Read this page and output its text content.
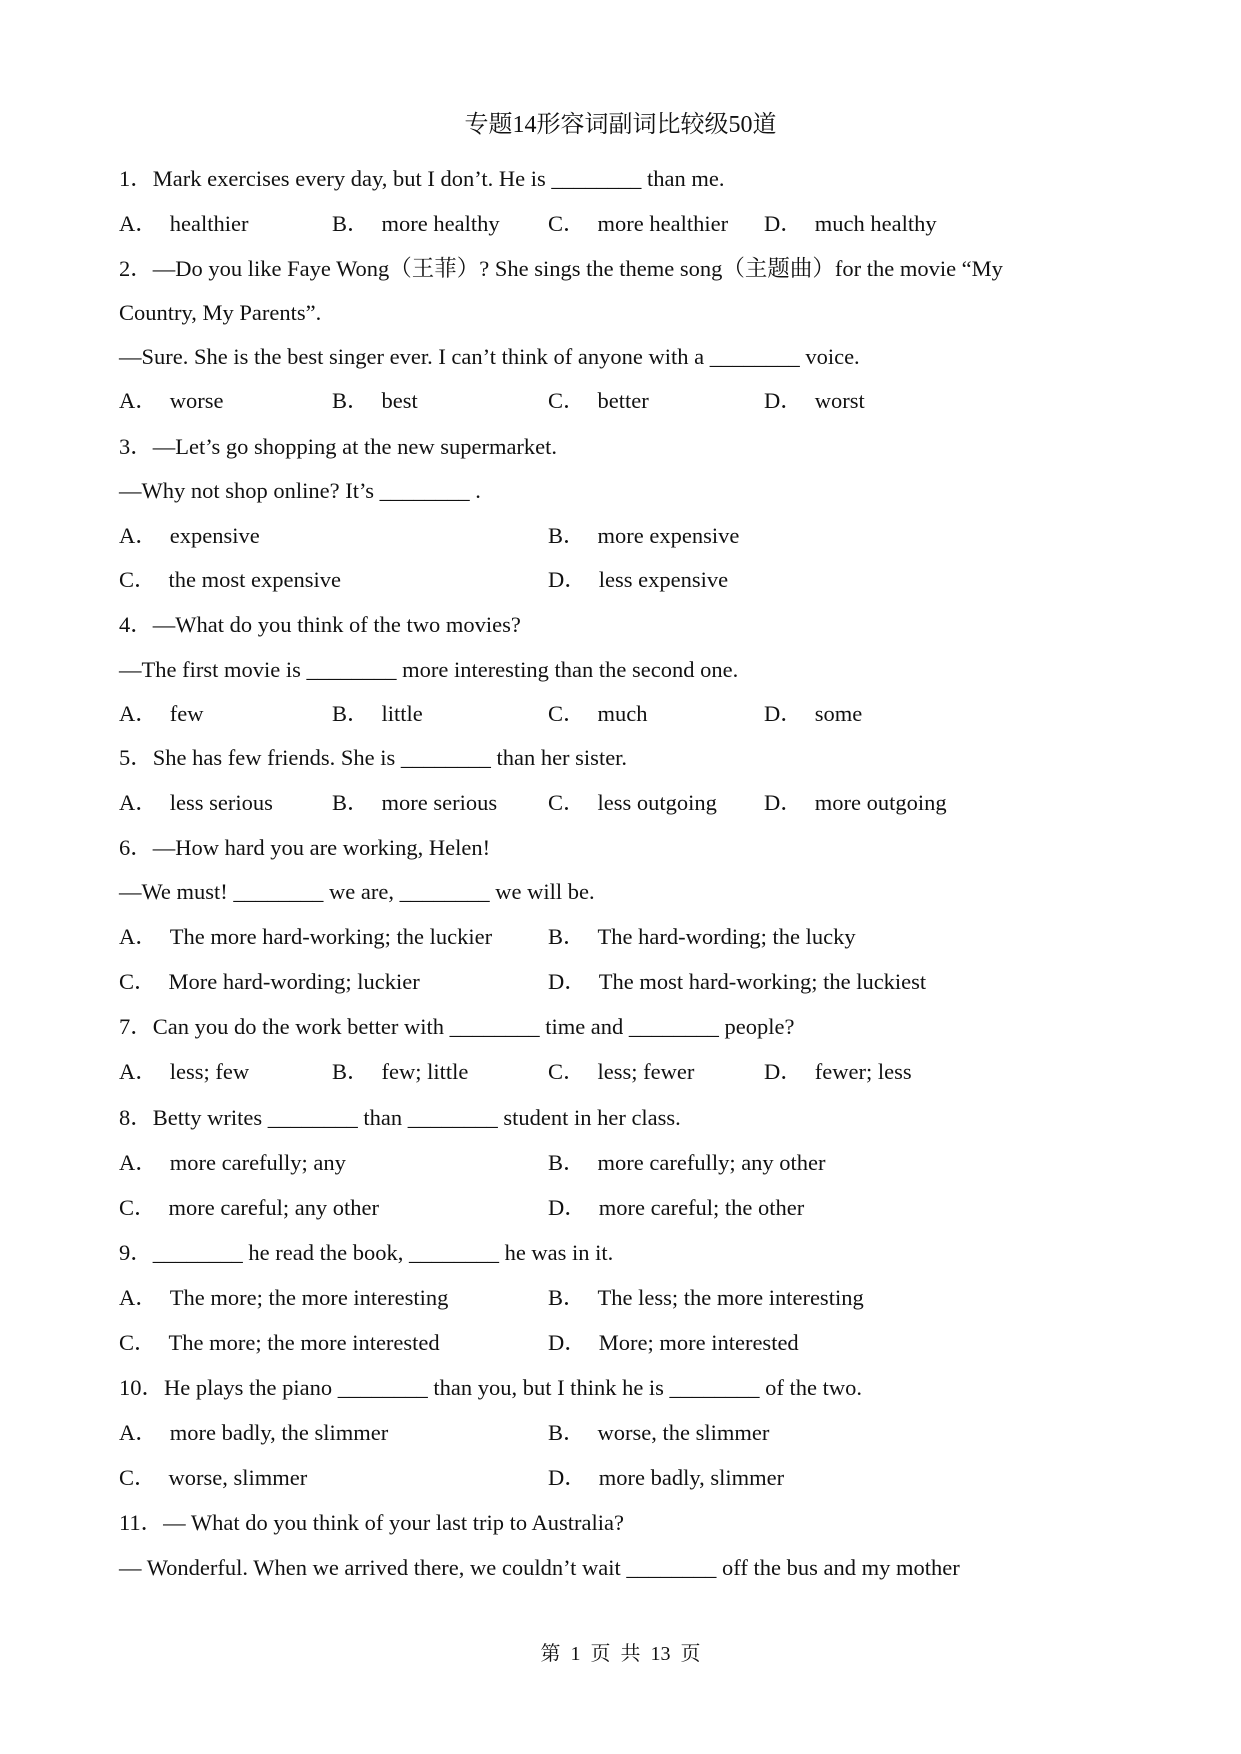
专题14形容词副词比较级50道
1．Mark exercises every day, but I don’t. He is ________ than me.
A． healthier	B． more healthy C． more healthier D． much healthy
2．—Do you like Faye Wong（王菲）? She sings the theme song（主题曲）for the movie “My
Country, My Parents”.
—Sure. She is the best singer ever. I can’t think of anyone with a ________ voice.
A． worse	B． best	C． better	D． worst
3．—Let’s go shopping at the new supermarket.
—Why not shop online? It’s ________ .
A． expensive	B． more expensive
C． the most expensive	D． less expensive
4．—What do you think of the two movies?
—The first movie is ________ more interesting than the second one.
A． few	B． little	C． much	D． some
5．She has few friends. She is ________ than her sister.
A． less serious	B． more serious C． less outgoing D． more outgoing
6．—How hard you are working, Helen!
—We must! ________ we are, ________ we will be.
A． The more hard-working; the luckier B． The hard-wording; the lucky
C． More hard-wording; luckier	D． The most hard-working; the luckiest
7．Can you do the work better with ________ time and ________ people?
A． less; few	B． few; little	C． less; fewer	D． fewer; less
8．Betty writes ________ than ________ student in her class.
A． more carefully; any	B． more carefully; any other
C． more careful; any other	D． more careful; the other
9．________ he read the book, ________ he was in it.
A． The more; the more interesting	B． The less; the more interesting
C． The more; the more interested	D． More; more interested
10．He plays the piano ________ than you, but I think he is ________ of the two.
A． more badly, the slimmer	B． worse, the slimmer
C． worse, slimmer	D． more badly, slimmer
11．— What do you think of your last trip to Australia?
— Wonderful. When we arrived there, we couldn’t wait ________ off the bus and my mother
第  1  页  共  13  页
